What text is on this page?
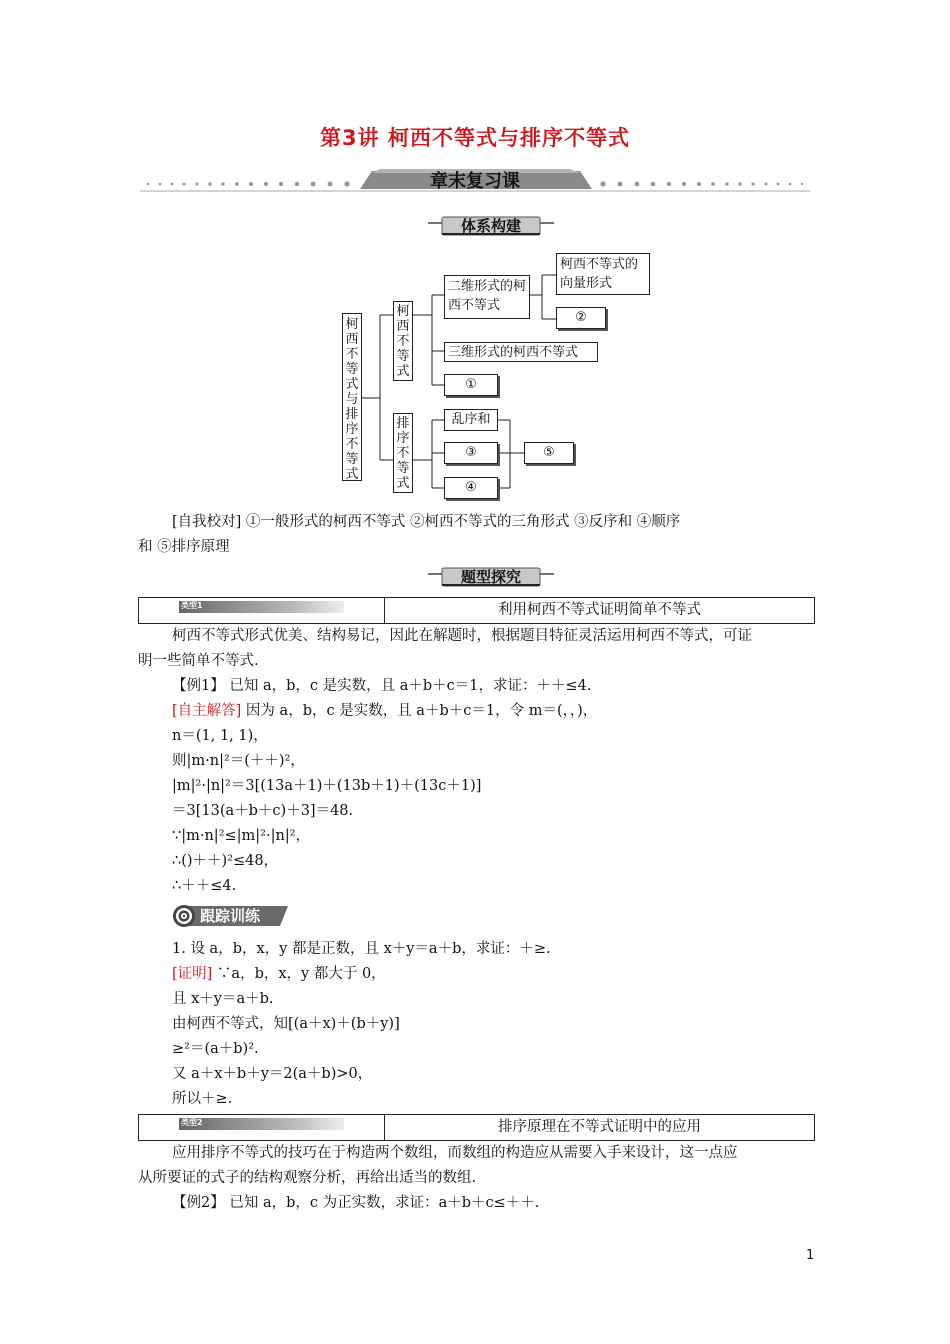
第3讲 柯西不等式与排序不等式
章末复习课
体系构建
柯西不等式与排序不等式
柯西不等式
排序不等式
二维形式的柯西不等式
柯西不等式的向量形式
②
三维形式的柯西不等式
①
乱序和
③
④
⑤
[自我校对] ①一般形式的柯西不等式 ②柯西不等式的三角形式 ③反序和 ④顺序
和 ⑤排序原理
题型探究
类型1	利用柯西不等式证明简单不等式
柯西不等式形式优美、结构易记，因此在解题时，根据题目特征灵活运用柯西不等式，可证
明一些简单不等式.
【例1】 已知 a，b，c 是实数，且 a＋b＋c＝1，求证：＋＋≤4.
[自主解答] 因为 a，b，c 是实数，且 a＋b＋c＝1，令 m＝(，，)，
n＝(1, 1, 1)，
则|m·n|²＝(＋＋)²，
|m|²·|n|²＝3[(13a＋1)＋(13b＋1)＋(13c＋1)]
＝3[13(a＋b＋c)＋3]＝48.
∵|m·n|²≤|m|²·|n|²，
∴()＋＋)²≤48，
∴＋＋≤4.
跟踪训练
1. 设 a，b，x，y 都是正数，且 x＋y＝a＋b，求证：＋≥.
[证明] ∵a，b，x，y 都大于 0，
且 x＋y＝a＋b.
由柯西不等式，知[(a＋x)＋(b＋y)]
≥²＝(a＋b)².
又 a＋x＋b＋y＝2(a＋b)>0，
所以＋≥.
类型2	排序原理在不等式证明中的应用
应用排序不等式的技巧在于构造两个数组，而数组的构造应从需要入手来设计，这一点应
从所要证的式子的结构观察分析，再给出适当的数组.
【例2】 已知 a，b，c 为正实数，求证：a＋b＋c≤＋＋.
1
